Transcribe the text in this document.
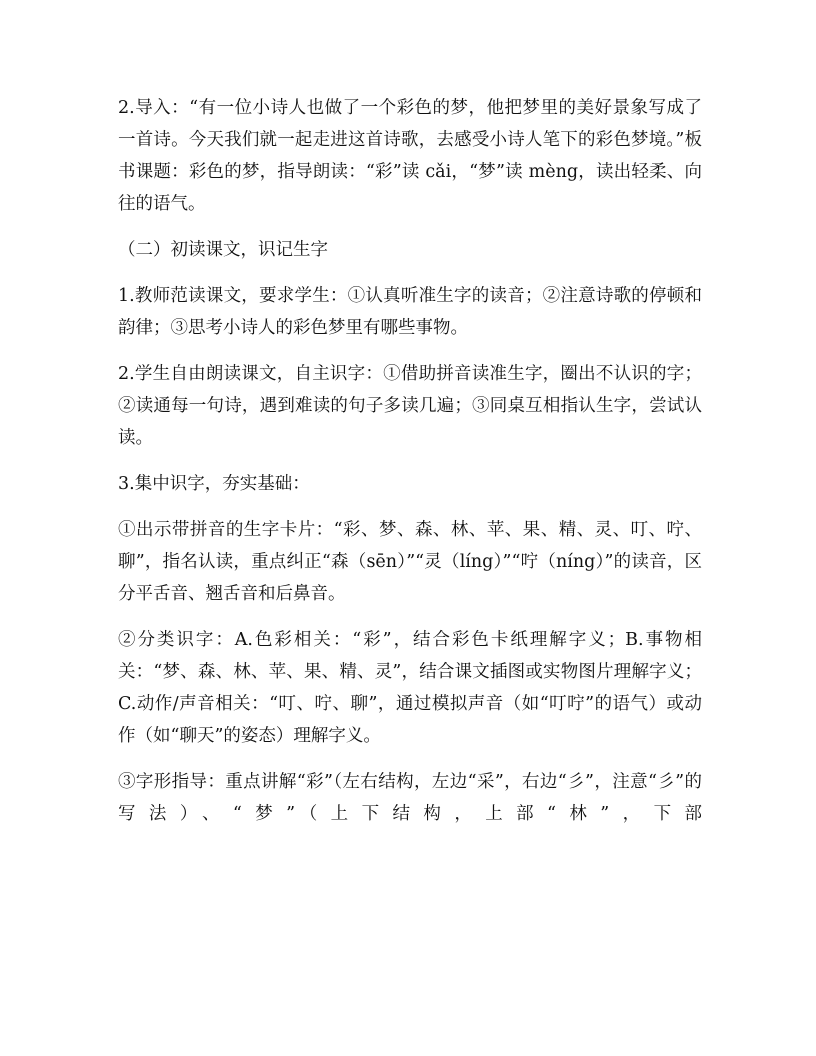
2.导入：“有一位小诗人也做了一个彩色的梦，他把梦里的美好景象写成了一首诗。今天我们就一起走进这首诗歌，去感受小诗人笔下的彩色梦境。”板书课题：彩色的梦，指导朗读：“彩”读 cǎi，“梦”读 mèng，读出轻柔、向往的语气。

（二）初读课文，识记生字

1.教师范读课文，要求学生：①认真听准生字的读音；②注意诗歌的停顿和韵律；③思考小诗人的彩色梦里有哪些事物。

2.学生自由朗读课文，自主识字：①借助拼音读准生字，圈出不认识的字；②读通每一句诗，遇到难读的句子多读几遍；③同桌互相指认生字，尝试认读。

3.集中识字，夯实基础：

①出示带拼音的生字卡片：“彩、梦、森、林、苹、果、精、灵、叮、咛、聊”，指名认读，重点纠正“森（sēn）”“灵（líng）”“咛（níng）”的读音，区分平舌音、翘舌音和后鼻音。

②分类识字：A.色彩相关：“彩”，结合彩色卡纸理解字义；B.事物相关：“梦、森、林、苹、果、精、灵”，结合课文插图或实物图片理解字义；C.动作/声音相关：“叮、咛、聊”，通过模拟声音（如“叮咛”的语气）或动作（如“聊天”的姿态）理解字义。

③字形指导：重点讲解“彩”（左右结构，左边“采”，右边“彡”，注意“彡”的写法）、“梦”（上下结构，上部“林”，下部
